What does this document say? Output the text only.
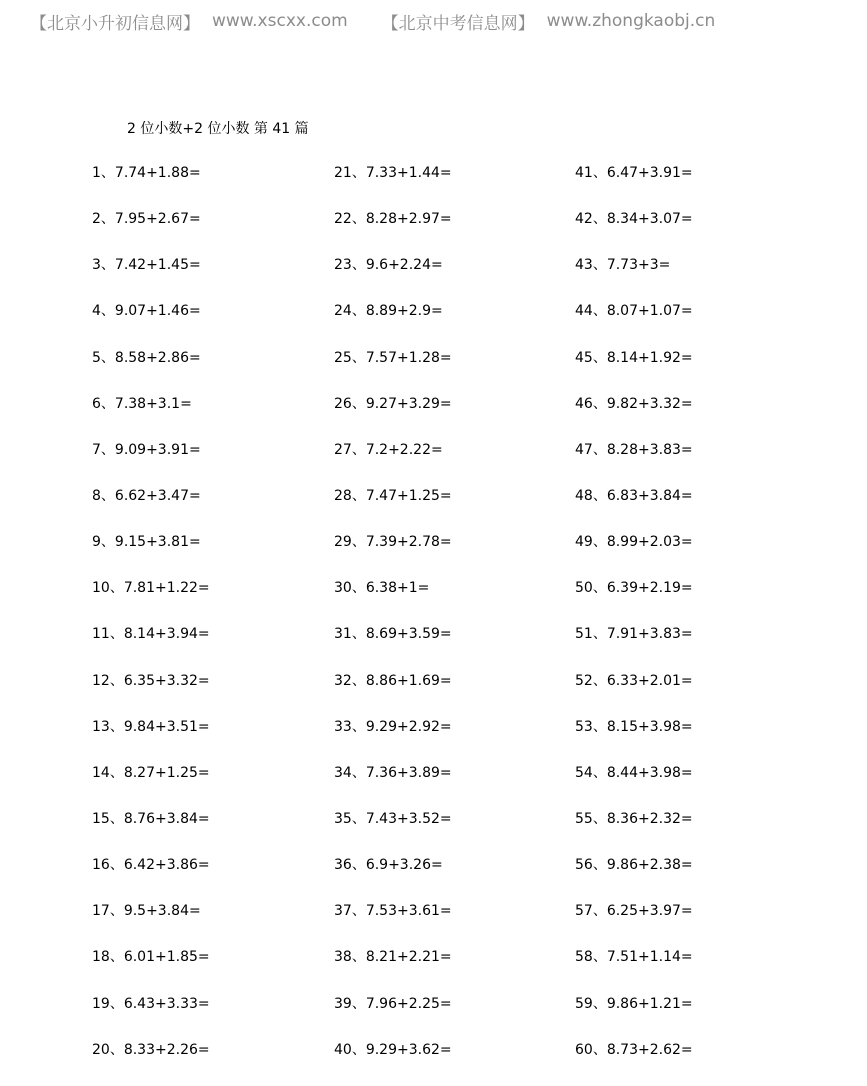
【北京小升初信息网】 www.xscxx.com 【北京中考信息网】 www.zhongkaobj.cn
2 位小数+2 位小数 第 41 篇
1、7.74+1.88=
2、7.95+2.67=
3、7.42+1.45=
4、9.07+1.46=
5、8.58+2.86=
6、7.38+3.1=
7、9.09+3.91=
8、6.62+3.47=
9、9.15+3.81=
10、7.81+1.22=
11、8.14+3.94=
12、6.35+3.32=
13、9.84+3.51=
14、8.27+1.25=
15、8.76+3.84=
16、6.42+3.86=
17、9.5+3.84=
18、6.01+1.85=
19、6.43+3.33=
20、8.33+2.26=
21、7.33+1.44=
22、8.28+2.97=
23、9.6+2.24=
24、8.89+2.9=
25、7.57+1.28=
26、9.27+3.29=
27、7.2+2.22=
28、7.47+1.25=
29、7.39+2.78=
30、6.38+1=
31、8.69+3.59=
32、8.86+1.69=
33、9.29+2.92=
34、7.36+3.89=
35、7.43+3.52=
36、6.9+3.26=
37、7.53+3.61=
38、8.21+2.21=
39、7.96+2.25=
40、9.29+3.62=
41、6.47+3.91=
42、8.34+3.07=
43、7.73+3=
44、8.07+1.07=
45、8.14+1.92=
46、9.82+3.32=
47、8.28+3.83=
48、6.83+3.84=
49、8.99+2.03=
50、6.39+2.19=
51、7.91+3.83=
52、6.33+2.01=
53、8.15+3.98=
54、8.44+3.98=
55、8.36+2.32=
56、9.86+2.38=
57、6.25+3.97=
58、7.51+1.14=
59、9.86+1.21=
60、8.73+2.62=
